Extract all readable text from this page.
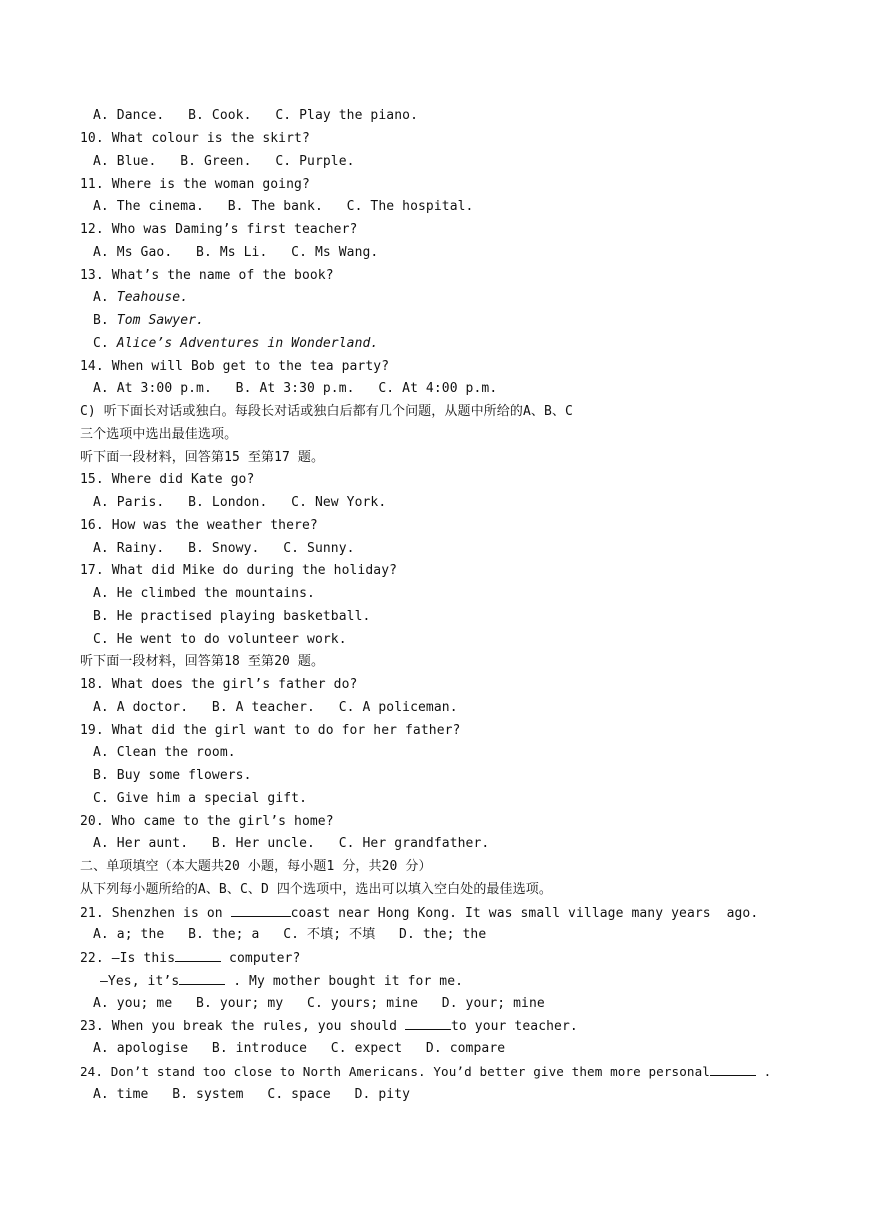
A. Dance.   B. Cook.   C. Play the piano.
10. What colour is the skirt?
A. Blue.   B. Green.   C. Purple.
11. Where is the woman going?
A. The cinema.   B. The bank.   C. The hospital.
12. Who was Daming’s first teacher?
A. Ms Gao.   B. Ms Li.   C. Ms Wang.
13. What’s the name of the book?
A. Teahouse.
B. Tom Sawyer.
C. Alice’s Adventures in Wonderland.
14. When will Bob get to the tea party?
A. At 3:00 p.m.   B. At 3:30 p.m.   C. At 4:00 p.m.
C) 听下面长对话或独白。每段长对话或独白后都有几个问题，从题中所给的A、B、C
三个选项中选出最佳选项。
听下面一段材料，回答第15 至第17 题。
15. Where did Kate go?
A. Paris.   B. London.   C. New York.
16. How was the weather there?
A. Rainy.   B. Snowy.   C. Sunny.
17. What did Mike do during the holiday?
A. He climbed the mountains.
B. He practised playing basketball.
C. He went to do volunteer work.
听下面一段材料，回答第18 至第20 题。
18. What does the girl’s father do?
A. A doctor.   B. A teacher.   C. A policeman.
19. What did the girl want to do for her father?
A. Clean the room.
B. Buy some flowers.
C. Give him a special gift.
20. Who came to the girl’s home?
A. Her aunt.   B. Her uncle.   C. Her grandfather.
二、单项填空（本大题共20 小题，每小题1 分，共20 分）
从下列每小题所给的A、B、C、D 四个选项中，选出可以填入空白处的最佳选项。
21. Shenzhen is on	coast near Hong Kong. It was small village many years  ago.
A. a; the   B. the; a   C. 不填; 不填   D. the; the
22. —Is this	computer?
—Yes, it’s	. My mother bought it for me.
A. you; me   B. your; my   C. yours; mine   D. your; mine
23. When you break the rules, you should	to your teacher.
A. apologise   B. introduce   C. expect   D. compare
24. Don’t stand too close to North Americans. You’d better give them more personal	.
A. time   B. system   C. space   D. pity
